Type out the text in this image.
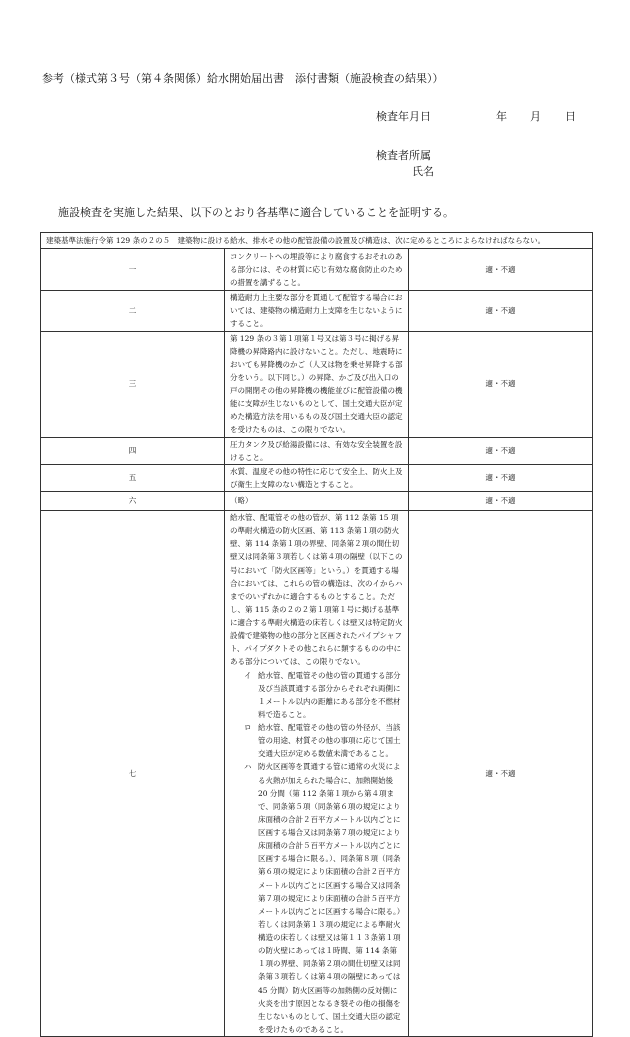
参考（様式第３号（第４条関係）給水開始届出書　添付書類（施設検査の結果））

検査年月日	年 月 日

検査者所属

氏名

施設検査を実施した結果、以下のとおり各基準に適合していることを証明する。

建築基準法施行令第 129 条の２の５　建築物に設ける給水、排水その他の配管設備の設置及び構造は、次に定めるところによらなければならない。		
一	コンクリートへの埋設等により腐食するおそれのある部分には、その材質に応じ有効な腐食防止のための措置を講ずること。	適・不適
二	構造耐力上主要な部分を貫通して配管する場合においては、建築物の構造耐力上支障を生じないようにすること。	適・不適
三	第 129 条の３第１項第１号又は第３号に掲げる昇降機の昇降路内に設けないこと。ただし、地震時においても昇降機のかご（人又は物を乗せ昇降する部分をいう。以下同じ。）の昇降、かご及び出入口の戸の開閉その他の昇降機の機能並びに配管設備の機能に支障が生じないものとして、国土交通大臣が定めた構造方法を用いるもの及び国土交通大臣の認定を受けたものは、この限りでない。	適・不適
四	圧力タンク及び給湯設備には、有効な安全装置を設けること。	適・不適
五	水質、温度その他の特性に応じて安全上、防火上及び衛生上支障のない構造とすること。	適・不適
六	（略）	適・不適
七	給水管、配電管その他の管が、第 112 条第 15 項の準耐火構造の防火区画、第 113 条第１項の防火壁、第 114 条第１項の界壁、同条第２項の間仕切壁又は同条第３項若しくは第４項の隔壁（以下この号において「防火区画等」という。）を貫通する場合においては、これらの管の構造は、次のイからハまでのいずれかに適合するものとすること。ただし、第 115 条の２の２第１項第１号に掲げる基準に適合する準耐火構造の床若しくは壁又は特定防火設備で建築物の他の部分と区画されたパイプシャフト、パイプダクトその他これらに類するものの中にある部分については、この限りでない。

イ 給水管、配電管その他の管の貫通する部分及び当該貫通する部分からそれぞれ両側に１メートル以内の距離にある部分を不燃材料で造ること。

ロ 給水管、配電管その他の管の外径が、当該管の用途、材質その他の事項に応じて国土交通大臣が定める数値未満であること。

ハ 防火区画等を貫通する管に通常の火災による火熱が加えられた場合に、加熱開始後 20 分間（第 112 条第１項から第４項まで、同条第５項（同条第６項の規定により床面積の合計２百平方メートル以内ごとに区画する場合又は同条第７項の規定により床面積の合計５百平方メートル以内ごとに区画する場合に限る。）、同条第８項（同条第６項の規定により床面積の合計２百平方メートル以内ごとに区画する場合又は同条第７項の規定により床面積の合計５百平方メートル以内ごとに区画する場合に限る。）若しくは同条第１３項の規定による準耐火構造の床若しくは壁又は第１１３条第１項の防火壁にあっては１時間、第 114 条第１項の界壁、同条第２項の間仕切壁又は同条第３項若しくは第４項の隔壁にあっては 45 分間）防火区画等の加熱側の反対側に火炎を出す原因となるき裂その他の損傷を生じないものとして、国土交通大臣の認定を受けたものであること。	適・不適
